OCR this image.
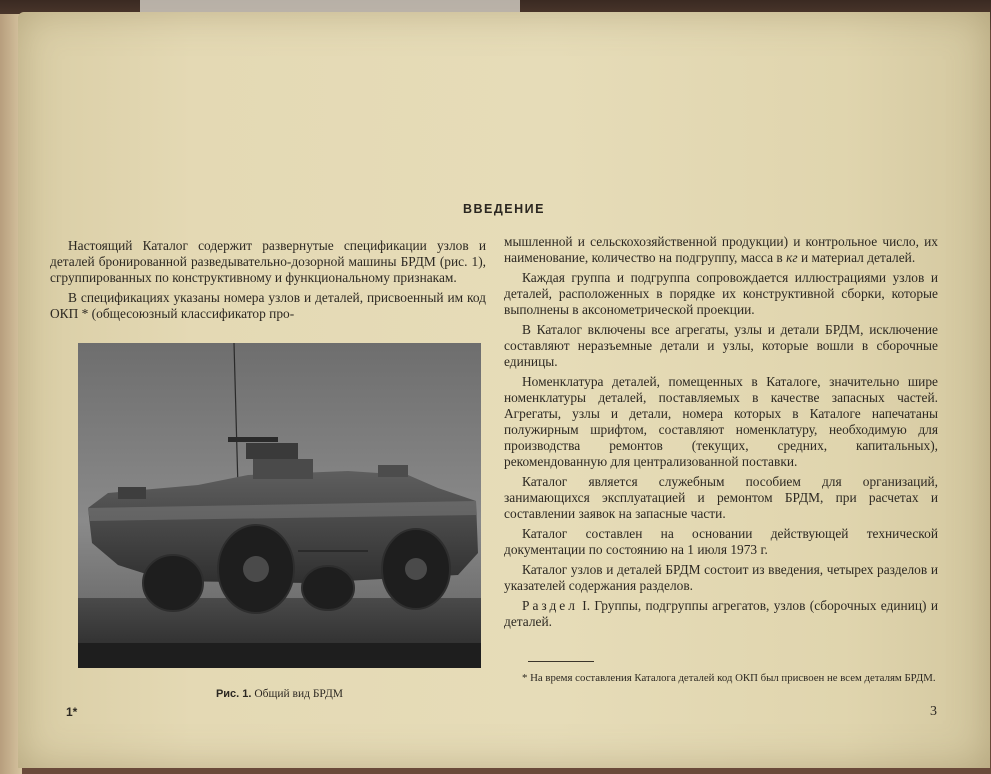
ВВЕДЕНИЕ

Настоящий Каталог содержит развернутые спецификации узлов и деталей бронированной разведывательно-дозорной машины БРДМ (рис. 1), сгруппированных по конструктивному и функциональному признакам.

В спецификациях указаны номера узлов и деталей, присвоенный им код ОКП * (общесоюзный классификатор про-

Рис. 1. Общий вид БРДМ

мышленной и сельскохозяйственной продукции) и контрольное число, их наименование, количество на подгруппу, масса в кг и материал деталей.

Каждая группа и подгруппа сопровождается иллюстрациями узлов и деталей, расположенных в порядке их конструктивной сборки, которые выполнены в аксонометрической проекции.

В Каталог включены все агрегаты, узлы и детали БРДМ, исключение составляют неразъемные детали и узлы, которые вошли в сборочные единицы.

Номенклатура деталей, помещенных в Каталоге, значительно шире номенклатуры деталей, поставляемых в качестве запасных частей. Агрегаты, узлы и детали, номера которых в Каталоге напечатаны полужирным шрифтом, составляют номенклатуру, необходимую для производства ремонтов (текущих, средних, капитальных), рекомендованную для централизованной поставки.

Каталог является служебным пособием для организаций, занимающихся эксплуатацией и ремонтом БРДМ, при расчетах и составлении заявок на запасные части.

Каталог составлен на основании действующей технической документации по состоянию на 1 июля 1973 г.

Каталог узлов и деталей БРДМ состоит из введения, четырех разделов и указателей содержания разделов.

Раздел I. Группы, подгруппы агрегатов, узлов (сборочных единиц) и деталей.

* На время составления Каталога деталей код ОКП был присвоен не всем деталям БРДМ.

1*	3
